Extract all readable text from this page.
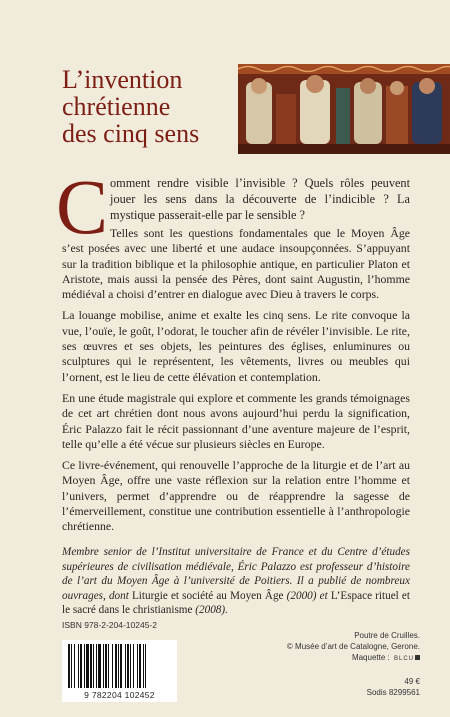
L’invention
chrétienne
des cinq sens

Comment rendre visible l’invisible ? Quels rôles peuvent jouer les sens dans la découverte de l’indicible ? La mystique passerait-elle par le sensible ?

Telles sont les questions fondamentales que le Moyen Âge s’est posées avec une liberté et une audace insoupçonnées. S’appuyant sur la tradition biblique et la philosophie antique, en particulier Platon et Aristote, mais aussi la pensée des Pères, dont saint Augustin, l’homme médiéval a choisi d’entrer en dialogue avec Dieu à travers le corps.

La louange mobilise, anime et exalte les cinq sens. Le rite convoque la vue, l’ouïe, le goût, l’odorat, le toucher afin de révéler l’invisible. Le rite, ses œuvres et ses objets, les peintures des églises, enluminures ou sculptures qui le représentent, les vêtements, livres ou meubles qui l’ornent, est le lieu de cette élévation et contemplation.

En une étude magistrale qui explore et commente les grands témoignages de cet art chrétien dont nous avons aujourd’hui perdu la signification, Éric Palazzo fait le récit passionnant d’une aventure majeure de l’esprit, telle qu’elle a été vécue sur plusieurs siècles en Europe.

Ce livre-événement, qui renouvelle l’approche de la liturgie et de l’art au Moyen Âge, offre une vaste réflexion sur la relation entre l’homme et l’univers, permet d’apprendre ou de réapprendre la sagesse de l’émerveillement, constitue une contribution essentielle à l’anthropologie chrétienne.

Membre senior de l’Institut universitaire de France et du Centre d’études supérieures de civilisation médiévale, Éric Palazzo est professeur d’histoire de l’art du Moyen Âge à l’université de Poitiers. Il a publié de nombreux ouvrages, dont Liturgie et société au Moyen Âge (2000) et L’Espace rituel et le sacré dans le christianisme (2008).
ISBN 978-2-204-10245-2
9 782204 102452
Poutre de Cruilles.
© Musée d’art de Catalogne, Gerone.
Maquette : BLCU
49 €
Sodis 8299561
